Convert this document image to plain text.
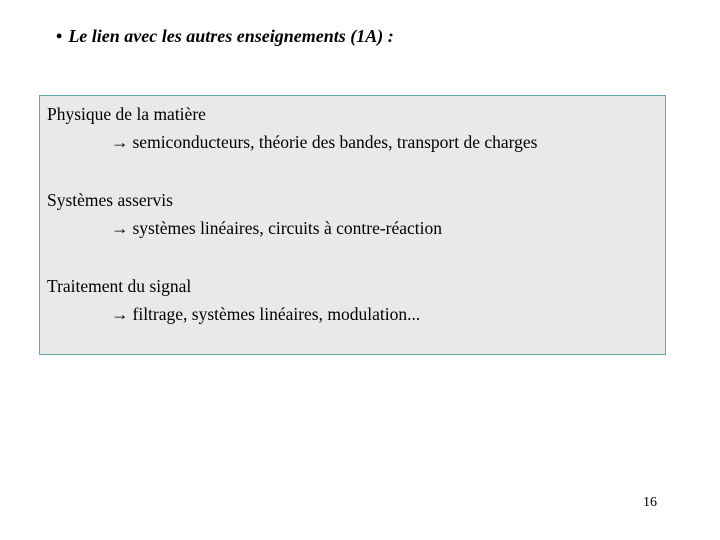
• Le lien avec les autres enseignements (1A) :
Physique de la matière
→ semiconducteurs, théorie des bandes, transport de charges
Systèmes asservis
→ systèmes linéaires, circuits à contre-réaction
Traitement du signal
→ filtrage, systèmes linéaires, modulation...
16
